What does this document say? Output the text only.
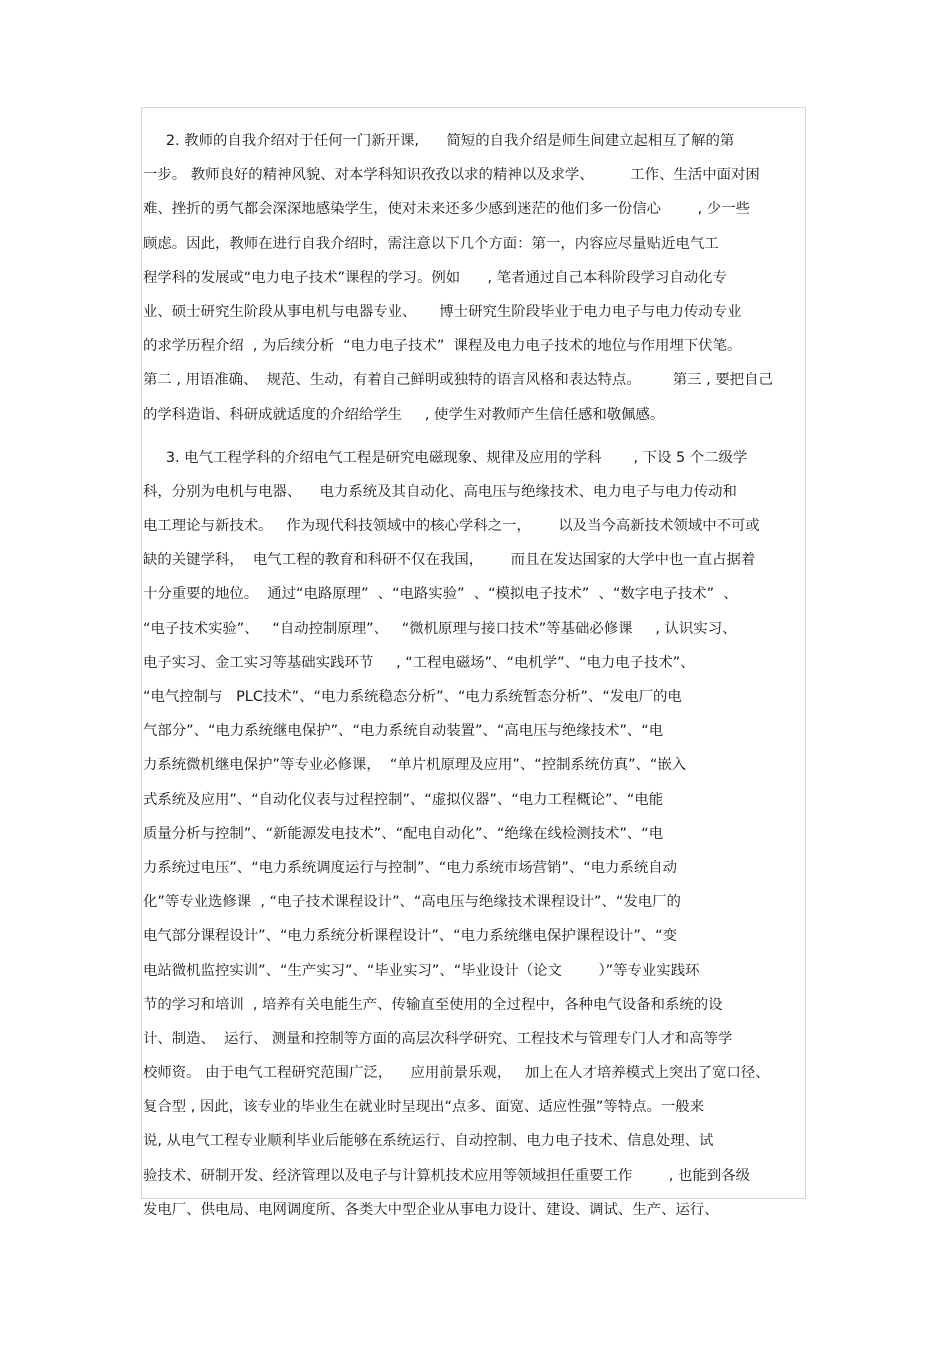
2. 教师的自我介绍对于任何一门新开课,      简短的自我介绍是师生间建立起相互了解的第
一步。 教师良好的精神风貌、对本学科知识孜孜以求的精神以及求学、        工作、生活中面对困
难、挫折的勇气都会深深地感染学生，使对未来还多少感到迷茫的他们多一份信心        , 少一些
顾虑。因此，教师在进行自我介绍时，需注意以下几个方面：第一，内容应尽量贴近电气工
程学科的发展或“电力电子技术”课程的学习。例如      , 笔者通过自己本科阶段学习自动化专
业、硕士研究生阶段从事电机与电器专业、     博士研究生阶段毕业于电力电子与电力传动专业
的求学历程介绍  , 为后续分析  “电力电子技术”  课程及电力电子技术的地位与作用埋下伏笔。
第二 , 用语准确、  规范、生动，有着自己鲜明或独特的语言风格和表达特点。       第三 , 要把自己
的学科造诣、科研成就适度的介绍给学生     , 使学生对教师产生信任感和敬佩感。
3. 电气工程学科的介绍电气工程是研究电磁现象、规律及应用的学科       , 下设 5 个二级学
科，分别为电机与电器、    电力系统及其自动化、高电压与绝缘技术、电力电子与电力传动和
电工理论与新技术。   作为现代科技领域中的核心学科之一，      以及当今高新技术领域中不可或
缺的关键学科，  电气工程的教育和科研不仅在我国，      而且在发达国家的大学中也一直占据着
十分重要的地位。  通过“电路原理”  、“电路实验”  、“模拟电子技术”  、“数字电子技术”  、
“电子技术实验”、   “自动控制原理”、   “微机原理与接口技术”等基础必修课     , 认识实习、
电子实习、金工实习等基础实践环节     , “工程电磁场”、“电机学”、“电力电子技术”、
“电气控制与   PLC技术”、“电力系统稳态分析”、“电力系统暂态分析”、“发电厂的电
气部分”、“电力系统继电保护”、“电力系统自动装置”、“高电压与绝缘技术”、“电
力系统微机继电保护”等专业必修课，  “单片机原理及应用”、“控制系统仿真”、“嵌入
式系统及应用”、“自动化仪表与过程控制”、“虚拟仪器”、“电力工程概论”、“电能
质量分析与控制”、“新能源发电技术”、“配电自动化”、“绝缘在线检测技术”、“电
力系统过电压”、“电力系统调度运行与控制”、“电力系统市场营销”、“电力系统自动
化”等专业选修课  , “电子技术课程设计”、“高电压与绝缘技术课程设计”、“发电厂的
电气部分课程设计”、“电力系统分析课程设计”、“电力系统继电保护课程设计”、“变
电站微机监控实训”、“生产实习”、“毕业实习”、“毕业设计（论文        ）”等专业实践环
节的学习和培训  , 培养有关电能生产、传输直至使用的全过程中，各种电气设备和系统的设
计、制造、  运行、 测量和控制等方面的高层次科学研究、工程技术与管理专门人才和高等学
校师资。 由于电气工程研究范围广泛，    应用前景乐观，   加上在人才培养模式上突出了宽口径、
复合型 , 因此，该专业的毕业生在就业时呈现出“点多、面宽、适应性强”等特点。一般来
说, 从电气工程专业顺利毕业后能够在系统运行、自动控制、电力电子技术、信息处理、试
验技术、研制开发、经济管理以及电子与计算机技术应用等领域担任重要工作        , 也能到各级
发电厂、供电局、电网调度所、各类大中型企业从事电力设计、建设、调试、生产、运行、
